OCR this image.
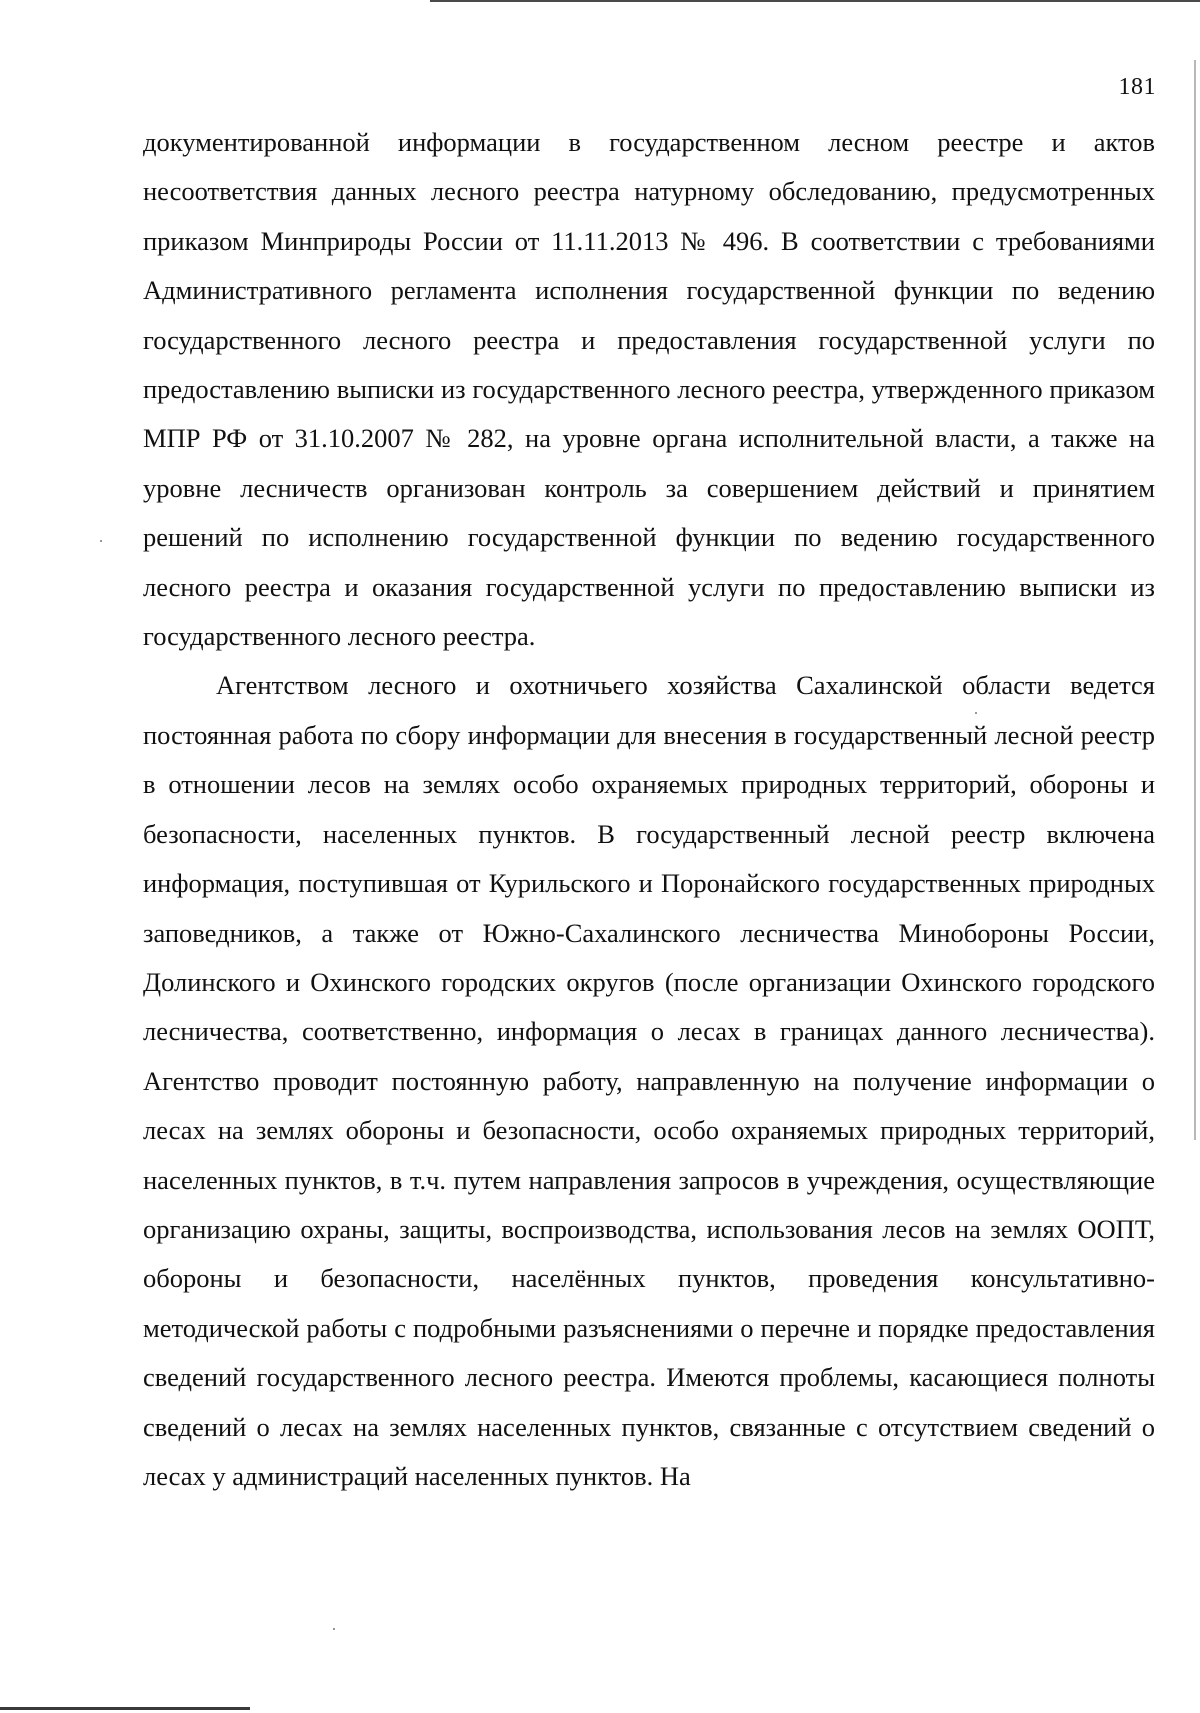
181

документированной информации в государственном лесном реестре и актов несоответствия данных лесного реестра натурному обследованию, предусмотренных приказом Минприроды России от 11.11.2013 № 496. В соответствии с требованиями Административного регламента исполнения государственной функции по ведению государственного лесного реестра и предоставления государственной услуги по предоставлению выписки из государственного лесного реестра, утвержденного приказом МПР РФ от 31.10.2007 № 282, на уровне органа исполнительной власти, а также на уровне лесничеств организован контроль за совершением действий и принятием решений по исполнению государственной функции по ведению государственного лесного реестра и оказания государственной услуги по предоставлению выписки из государственного лесного реестра.

Агентством лесного и охотничьего хозяйства Сахалинской области ведется постоянная работа по сбору информации для внесения в государственный лесной реестр в отношении лесов на землях особо охраняемых природных территорий, обороны и безопасности, населенных пунктов. В государственный лесной реестр включена информация, поступившая от Курильского и Поронайского государственных природных заповедников, а также от Южно-Сахалинского лесничества Минобороны России, Долинского и Охинского городских округов (после организации Охинского городского лесничества, соответственно, информация о лесах в границах данного лесничества). Агентство проводит постоянную работу, направленную на получение информации о лесах на землях обороны и безопасности, особо охраняемых природных территорий, населенных пунктов, в т.ч. путем направления запросов в учреждения, осуществляющие организацию охраны, защиты, воспроизводства, использования лесов на землях ООПТ, обороны и безопасности, населённых пунктов, проведения консультативно-методической работы с подробными разъяснениями о перечне и порядке предоставления сведений государственного лесного реестра. Имеются проблемы, касающиеся полноты сведений о лесах на землях населенных пунктов, связанные с отсутствием сведений о лесах у администраций населенных пунктов. На
